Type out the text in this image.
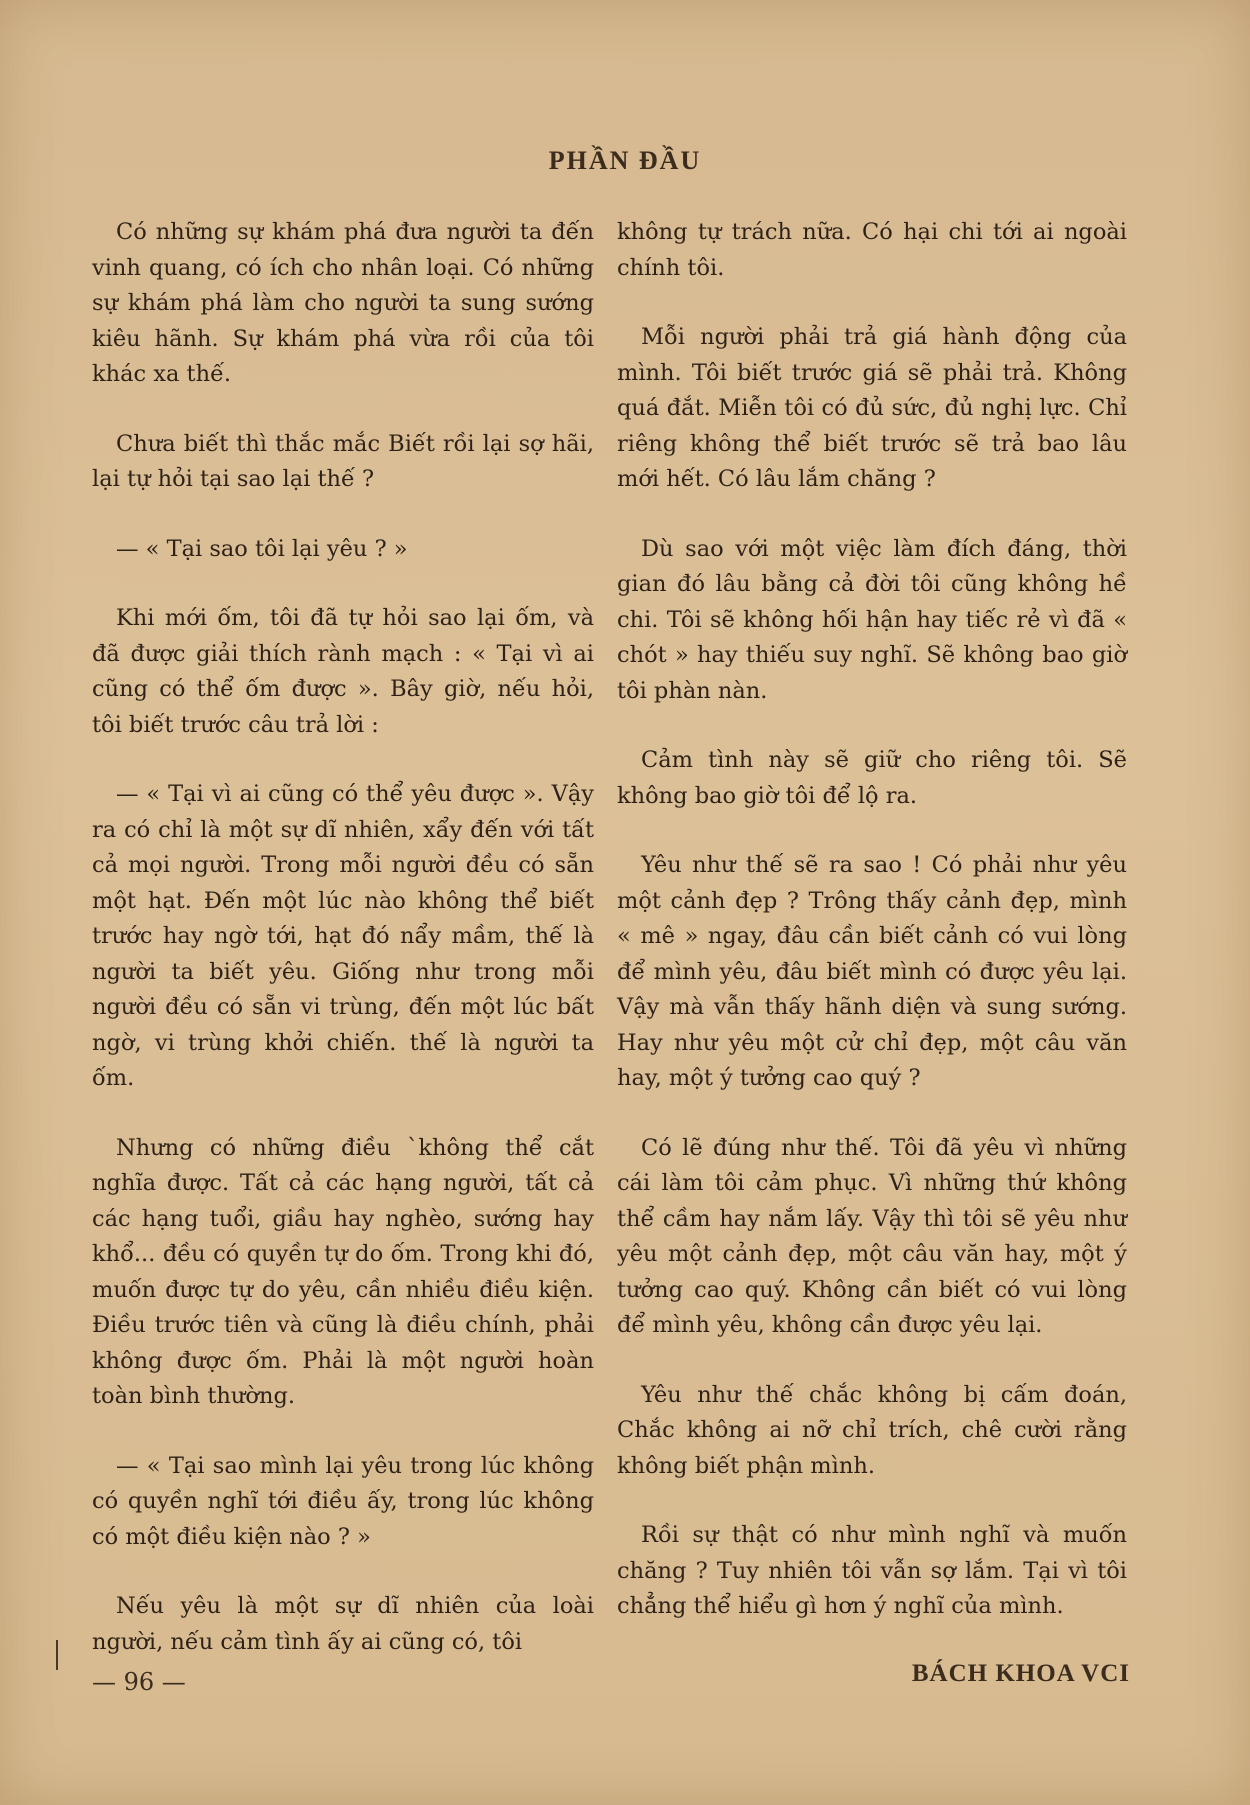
PHẦN ĐẦU

Có những sự khám phá đưa người ta đến vinh quang, có ích cho nhân loại. Có những sự khám phá làm cho người ta sung sướng kiêu hãnh. Sự khám phá vừa rồi của tôi khác xa thế.

Chưa biết thì thắc mắc Biết rồi lại sợ hãi, lại tự hỏi tại sao lại thế ?

— « Tại sao tôi lại yêu ? »

Khi mới ốm, tôi đã tự hỏi sao lại ốm, và đã được giải thích rành mạch : « Tại vì ai cũng có thể ốm được ». Bây giờ, nếu hỏi, tôi biết trước câu trả lời :

— « Tại vì ai cũng có thể yêu được ». Vậy ra có chỉ là một sự dĩ nhiên, xẩy đến với tất cả mọi người. Trong mỗi người đều có sẵn một hạt. Đến một lúc nào không thể biết trước hay ngờ tới, hạt đó nẩy mầm, thế là người ta biết yêu. Giống như trong mỗi người đều có sẵn vi trùng, đến một lúc bất ngờ, vi trùng khởi chiến. thế là người ta ốm.

Nhưng có những điều `không thể cắt nghĩa được. Tất cả các hạng người, tất cả các hạng tuổi, giầu hay nghèo, sướng hay khổ... đều có quyền tự do ốm. Trong khi đó, muốn được tự do yêu, cần nhiều điều kiện. Điều trước tiên và cũng là điều chính, phải không được ốm. Phải là một người hoàn toàn bình thường.

— « Tại sao mình lại yêu trong lúc không có quyền nghĩ tới điều ấy, trong lúc không có một điều kiện nào ? »

Nếu yêu là một sự dĩ nhiên của loài người, nếu cảm tình ấy ai cũng có, tôi

không tự trách nữa. Có hại chi tới ai ngoài chính tôi.

Mỗi người phải trả giá hành động của mình. Tôi biết trước giá sẽ phải trả. Không quá đắt. Miễn tôi có đủ sức, đủ nghị lực. Chỉ riêng không thể biết trước sẽ trả bao lâu mới hết. Có lâu lắm chăng ?

Dù sao với một việc làm đích đáng, thời gian đó lâu bằng cả đời tôi cũng không hề chi. Tôi sẽ không hối hận hay tiếc rẻ vì đã « chót » hay thiếu suy nghĩ. Sẽ không bao giờ tôi phàn nàn.

Cảm tình này sẽ giữ cho riêng tôi. Sẽ không bao giờ tôi để lộ ra.

Yêu như thế sẽ ra sao ! Có phải như yêu một cảnh đẹp ? Trông thấy cảnh đẹp, mình « mê » ngay, đâu cần biết cảnh có vui lòng để mình yêu, đâu biết mình có được yêu lại. Vậy mà vẫn thấy hãnh diện và sung sướng. Hay như yêu một cử chỉ đẹp, một câu văn hay, một ý tưởng cao quý ?

Có lẽ đúng như thế. Tôi đã yêu vì những cái làm tôi cảm phục. Vì những thứ không thể cầm hay nắm lấy. Vậy thì tôi sẽ yêu như yêu một cảnh đẹp, một câu văn hay, một ý tưởng cao quý. Không cần biết có vui lòng để mình yêu, không cần được yêu lại.

Yêu như thế chắc không bị cấm đoán, Chắc không ai nỡ chỉ trích, chê cười rằng không biết phận mình.

Rồi sự thật có như mình nghĩ và muốn chăng ? Tuy nhiên tôi vẫn sợ lắm. Tại vì tôi chẳng thể hiểu gì hơn ý nghĩ của mình.

— 96 —	BÁCH KHOA VCI
